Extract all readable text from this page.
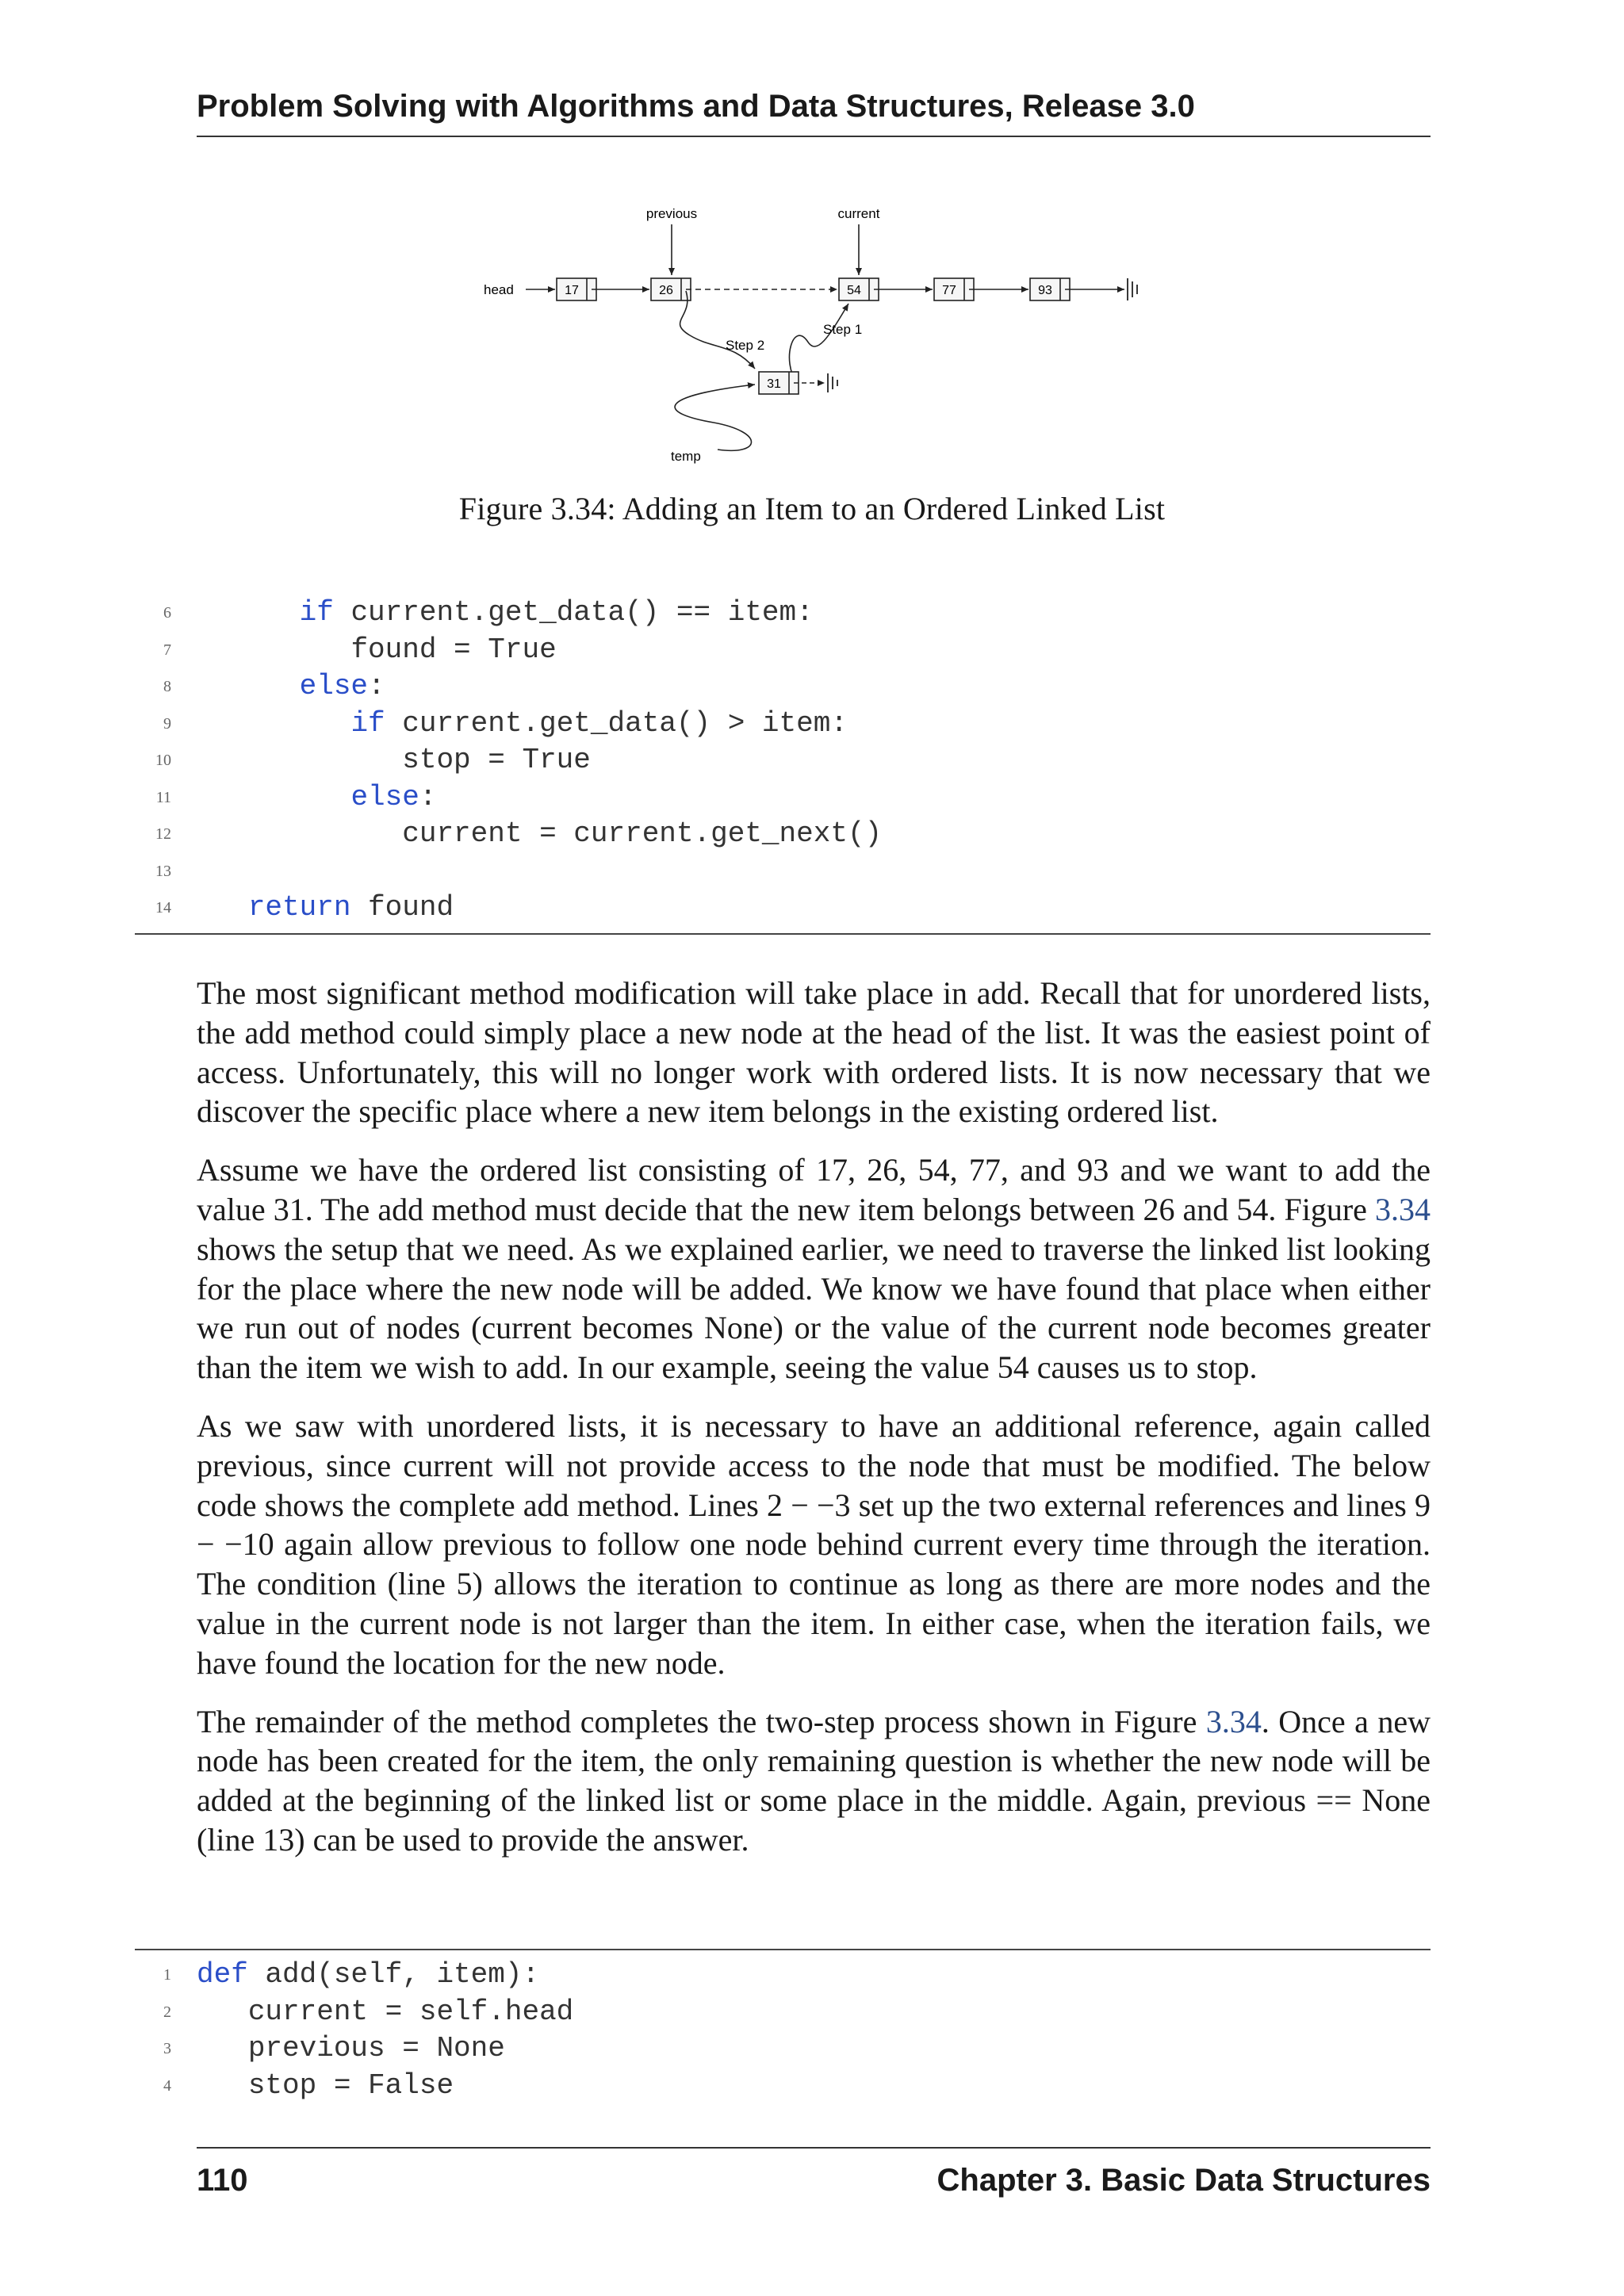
Problem Solving with Algorithms and Data Structures, Release 3.0
previous	current
head	17	26	54	77	93
Step 2
Step 1
31
temp
Figure 3.34: Adding an Item to an Ordered Linked List
6	if current.get_data() == item:
7	found = True
8	else:
9	if current.get_data() > item:
10	stop = True
11	else:
12	current = current.get_next()
13
14	return found

The most significant method modification will take place in add. Recall that for unordered lists, the add method could simply place a new node at the head of the list. It was the easiest point of access. Unfortunately, this will no longer work with ordered lists. It is now necessary that we discover the specific place where a new item belongs in the existing ordered list.

Assume we have the ordered list consisting of 17, 26, 54, 77, and 93 and we want to add the value 31. The add method must decide that the new item belongs between 26 and 54. Figure 3.34 shows the setup that we need. As we explained earlier, we need to traverse the linked list looking for the place where the new node will be added. We know we have found that place when either we run out of nodes (current becomes None) or the value of the current node becomes greater than the item we wish to add. In our example, seeing the value 54 causes us to stop.

As we saw with unordered lists, it is necessary to have an additional reference, again called previous, since current will not provide access to the node that must be modified. The below code shows the complete add method. Lines 2 − −3 set up the two external references and lines 9 − −10 again allow previous to follow one node behind current every time through the iteration. The condition (line 5) allows the iteration to continue as long as there are more nodes and the value in the current node is not larger than the item. In either case, when the iteration fails, we have found the location for the new node.

The remainder of the method completes the two-step process shown in Figure 3.34. Once a new node has been created for the item, the only remaining question is whether the new node will be added at the beginning of the linked list or some place in the middle. Again, previous == None (line 13) can be used to provide the answer.

1 def add(self, item):
2	current = self.head
3	previous = None
4	stop = False
110	Chapter 3. Basic Data Structures
